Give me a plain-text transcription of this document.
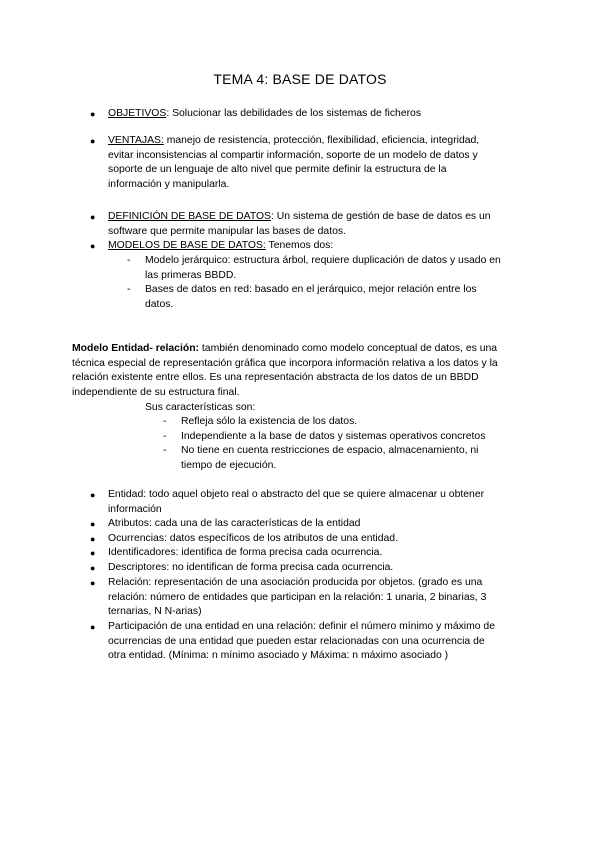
TEMA 4: BASE DE DATOS
● OBJETIVOS: Solucionar las debilidades de los sistemas de ficheros

● VENTAJAS: manejo de resistencia, protección, flexibilidad, eficiencia, integridad,

evitar inconsistencias al compartir información, soporte de un modelo de datos y

soporte de un lenguaje de alto nivel que permite definir la estructura de la

información y manipularla.

● DEFINICIÓN DE BASE DE DATOS: Un sistema de gestión de base de datos es un

software que permite manipular las bases de datos.

● MODELOS DE BASE DE DATOS: Tenemos dos:

-	Modelo jerárquico: estructura árbol, requiere duplicación de datos y usado en

las primeras BBDD.

-	Bases de datos en red: basado en el jerárquico, mejor relación entre los

datos.

Modelo Entidad- relación: también denominado como modelo conceptual de datos, es una

técnica especial de representación gráfica que incorpora información relativa a los datos y la

relación existente entre ellos. Es una representación abstracta de los datos de un BBDD

independiente de su estructura final.

Sus características son:
-	Refleja sólo la existencia de los datos.

-	Independiente a la base de datos y sistemas operativos concretos

-	No tiene en cuenta restricciones de espacio, almacenamiento, ni

tiempo de ejecución.

● Entidad: todo aquel objeto real o abstracto del que se quiere almacenar u obtener

información

● Atributos: cada una de las características de la entidad

● Ocurrencias: datos específicos de los atributos de una entidad.

● Identificadores: identifica de forma precisa cada ocurrencia.

● Descriptores: no identifican de forma precisa cada ocurrencia.

● Relación: representación de una asociación producida por objetos. (grado es una

relación: número de entidades que participan en la relación: 1 unaria, 2 binarias, 3

ternarias, N N-arias)

● Participación de una entidad en una relación: definir el número mínimo y máximo de

ocurrencias de una entidad que pueden estar relacionadas con una ocurrencia de

otra entidad. (Mínima: n mínimo asociado y Máxima: n máximo asociado )
